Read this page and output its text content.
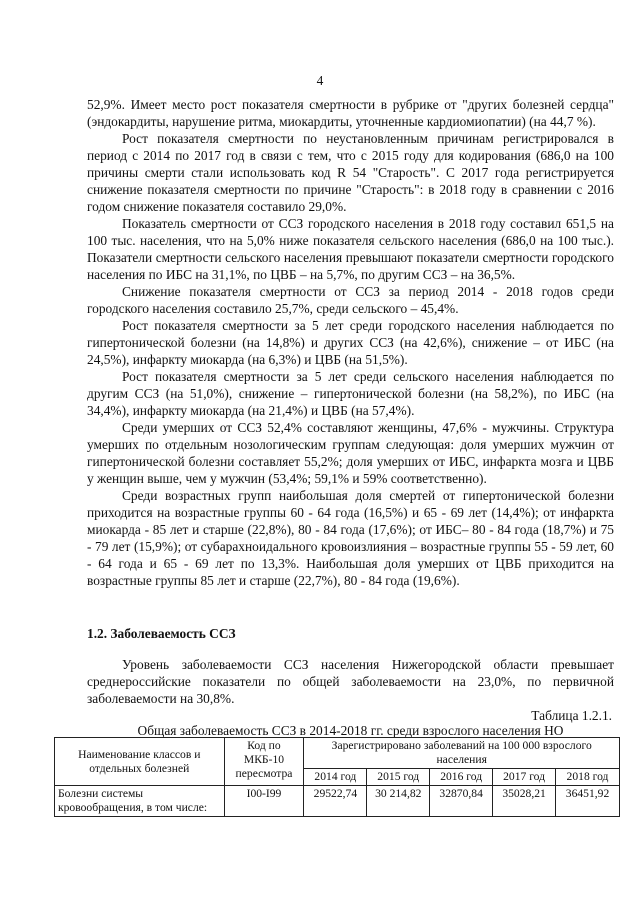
4

52,9%. Имеет место рост показателя смертности в рубрике от "других болезней сердца" (эндокардиты, нарушение ритма, миокардиты, уточненные кардиомиопатии) (на 44,7 %).

Рост показателя смертности по неустановленным причинам регистрировался в период с 2014 по 2017 год в связи с тем, что с 2015 году для кодирования (686,0 на 100 причины смерти стали использовать код R 54 "Старость". С 2017 года регистрируется снижение показателя смертности по причине "Старость": в 2018 году в сравнении с 2016 годом снижение показателя составило 29,0%.

Показатель смертности от ССЗ городского населения в 2018 году составил 651,5 на 100 тыс. населения, что на 5,0% ниже показателя сельского населения (686,0 на 100 тыс.). Показатели смертности сельского населения превышают показатели смертности городского населения по ИБС на 31,1%, по ЦВБ – на 5,7%, по другим ССЗ – на 36,5%.

Снижение показателя смертности от ССЗ за период 2014 - 2018 годов среди городского населения составило 25,7%, среди сельского – 45,4%.

Рост показателя смертности за 5 лет среди городского населения наблюдается по гипертонической болезни (на 14,8%) и других ССЗ (на 42,6%), снижение – от ИБС (на 24,5%), инфаркту миокарда (на 6,3%) и ЦВБ (на 51,5%).

Рост показателя смертности за 5 лет среди сельского населения наблюдается по другим ССЗ (на 51,0%), снижение – гипертонической болезни (на 58,2%), по ИБС (на 34,4%), инфаркту миокарда (на 21,4%) и ЦВБ (на 57,4%).

Среди умерших от ССЗ 52,4% составляют женщины, 47,6% - мужчины. Структура умерших по отдельным нозологическим группам следующая: доля умерших мужчин от гипертонической болезни составляет 55,2%; доля умерших от ИБС, инфаркта мозга и ЦВБ у женщин выше, чем у мужчин (53,4%; 59,1% и 59% соответственно).

Среди возрастных групп наибольшая доля смертей от гипертонической болезни приходится на возрастные группы 60 - 64 года (16,5%) и 65 - 69 лет (14,4%); от инфаркта миокарда - 85 лет и старше (22,8%), 80 - 84 года (17,6%); от ИБС– 80 - 84 года (18,7%) и 75 - 79 лет (15,9%); от субарахноидального кровоизлияния – возрастные группы 55 - 59 лет, 60 - 64 года и 65 - 69 лет по 13,3%. Наибольшая доля умерших от ЦВБ приходится на возрастные группы 85 лет и старше (22,7%), 80 - 84 года (19,6%).

1.2. Заболеваемость ССЗ

Уровень заболеваемости ССЗ населения Нижегородской области превышает среднероссийские показатели по общей заболеваемости на 23,0%, по первичной заболеваемости на 30,8%.

Таблица 1.2.1.
Общая заболеваемость ССЗ в 2014-2018 гг. среди взрослого населения НО
Наименование классов и отдельных болезней	Код по МКБ-10 пересмотра	Зарегистрировано заболеваний на 100 000 взрослого населения				
		2014 год	2015 год	2016 год	2017 год	2018 год
Болезни системы кровообращения, в том числе:	I00-I99	29522,74	30 214,82	32870,84	35028,21	36451,92
